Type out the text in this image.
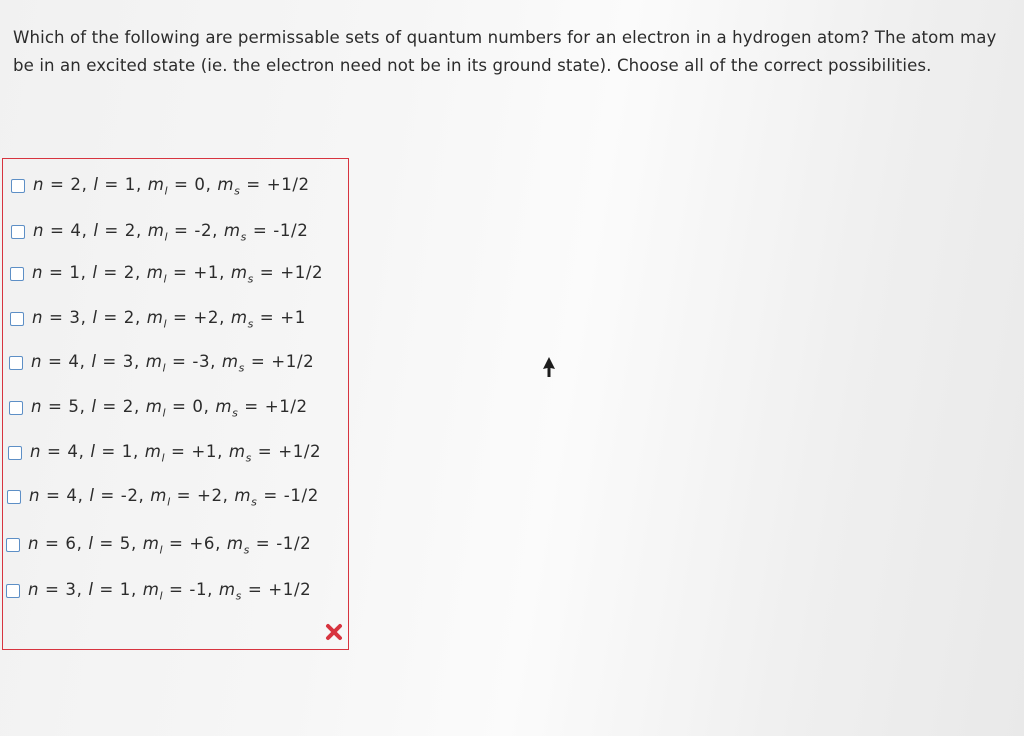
Which of the following are permissable sets of quantum numbers for an electron in a hydrogen atom? The atom may be in an excited state (ie. the electron need not be in its ground state). Choose all of the correct possibilities.

n = 2, l = 1, $m_l = 0$, $m_s = +1/2$
n = 4, l = 2, $m_l = -2$, $m_s = -1/2$
n = 1, l = 2, $m_l = +1$, $m_s = +1/2$
n = 3, l = 2, $m_l = +2$, $m_s = +1$
n = 4, l = 3, $m_l = -3$, $m_s = +1/2$
n = 5, l = 2, $m_l = 0$, $m_s = +1/2$
n = 4, l = 1, $m_l = +1$, $m_s = +1/2$
n = 4, l = -2, $m_l = +2$, $m_s = -1/2$
n = 6, l = 5, $m_l = +6$, $m_s = -1/2$
n = 3, l = 1, $m_l = -1$, $m_s = +1/2$
